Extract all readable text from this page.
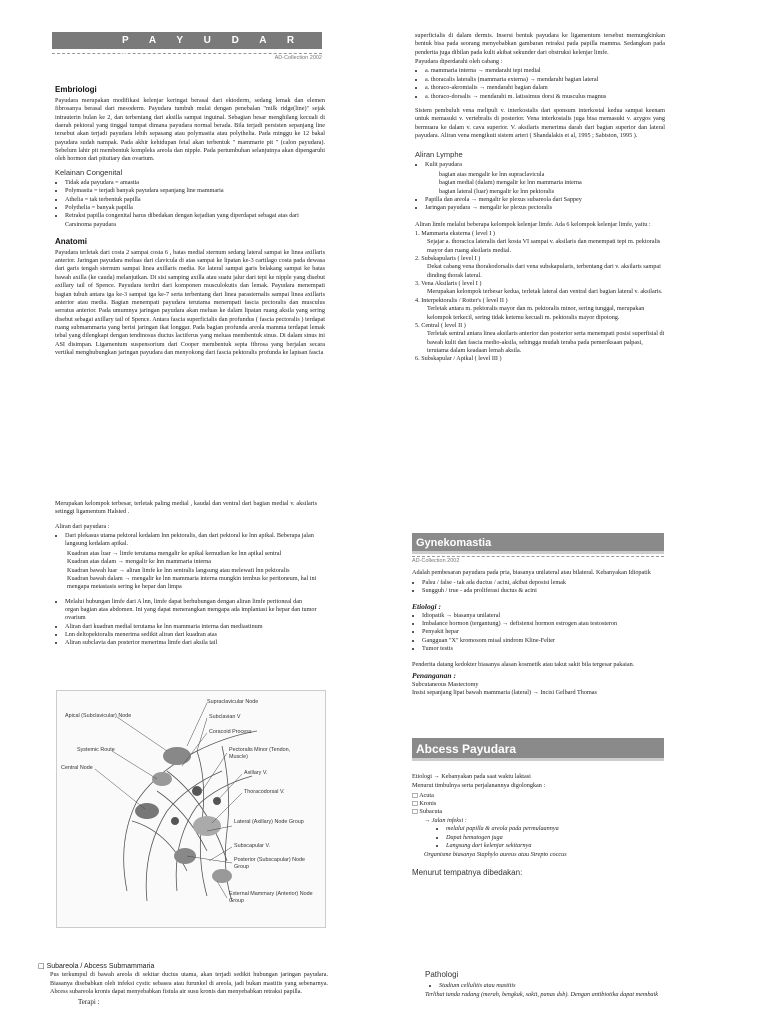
P A Y U D A R A	AD-Collection 2002
Embriologi

Payudara merupakan modifikasi kelenjar keringat berasal dari ektoderm, sedang lemak dan elemen fibrosanya berasal dari mesoderm. Payudara tumbuh mulai dengan penebalan "milk ridge(line)" sejak intrauterin bulan ke 2, dan terbentang dari aksilla sampai inguinal. Sebagian besar menghilang kecuali di daerah pektoral yang tinggal tumpat dimana payudara normal berada. Bila terjadi persisten sepanjang line tersebut akan terjadi payudara lebih sepasang atau polymastia atau polythelia. Pada minggu ke 12 bakal payudara sudah nampak. Pada akhir kehidupan fetal akan terbentuk " mammarie pit " (calon payudara). Sebelum lahir pit membentuk kompleks areola dan nipple. Pada pertumbuhan selanjutnya akan dipengaruhi oleh hormon dari pituitary dan ovarium.

Kelainan Congenital
• Tidak ada payudara = amastia
• Polymastia = terjadi banyak payudara sepanjang line mammaria
• Athelia = tak terbentuk papilla
• Polythelia = banyak papilla
• Retraksi papilla congenital harus dibedakan dengan kejadian yang diperdapat sebagai atas dari Carsinoma payudara
Anatomi

Payudara terletak dari costa 2 sampai costa 6 , batas medial sternum sedang lateral sampai ke linea axillaris anterior. Jaringan payudara meluas dari clavicula di atas sampai ke lipatan ke-3 cartilago costa pada dewasa dari garis tengah sternum sampai linea axillaris media. Ke lateral sampai garis belakang sampai ke batas bawah axilla (ke cauda) melanjutkan. Di sisi samping axilla atau suatu jalur dari tepi ke nipple yang disebut axillary tail of Spence. Payudara terdiri dari komponen musculokutis dan lemak. Payudara menempati bagian tubuh antara iga ke-3 sampai iga ke-7 serta terbentang dari linea parasternalis sampai linea axillaris anterior atau media. Bagian menempati payudara terutama menempati fascia pectoralis dan musculus serratus anterior. Pada umumnya jaringan payudara akan meluas ke dalam lipatan ruang aksila yang sering disebut sebagai axillary tail of Spence. Antara fascia superficialis dan profundus ( fascia pectoralis ) terdapat ruang submammaria yang berisi jaringan ikat longgar. Pada bagian profunda areola mamma terdapat lemak tebal yang dilengkapi dengan tendinosus ductus lactiferus yang meluas membentuk sinus. Di dalam sinus ini ASI disimpan. Ligamentum suspensorium dari Cooper membentuk septa fibrosa yang berjalan secara vertikal menghubungkan jaringan payudara dan menyokong dari fascia pektoralis profunda ke lapisan fascia

superficialis di dalam dermis. Insersi bentuk payudara ke ligamentum tersebut memungkinkan bentuk bisa pada seorang menyebabkan gambaran retraksi pada papilla mamma. Sedangkan pada penderita juga dibilan pada kulit akibat sekunder dari obstruksi kelenjar limfe.

Payudara diperdarahi oleh cabang :

• a. mammaria interna → mendarahi tepi medial
• a. thoracalis lateralis (mammaria externa) → mendarahi bagian lateral
• a. thoraco-akromialis → mendarahi bagian dalam
• a. thoraco-dorsalis → mendarahi m. latissimus dorsi & musculus magnus

Sistem pembuluh vena melipuli v. interkostalis dari sponsum interkostal kedua sampai keenam untuk memasuki v. vertebralis di posterior. Vena interkostalis juga bisa memasuki v. azygos yang bermuara ke dalam v. cava superior. V. aksilaris menerima darah dari bagian superior dan lateral payudara. Aliran vena mengikuti sistem arteri ( Shandalakis et al, 1995 ; Sabiston, 1995 ).

Aliran Lymphe
• Kulit payudara
bagian atas mengalir ke lnn supraclavicula
bagian medial (dalam) mengalir ke lnn mammaria interna
bagian lateral (luar) mengalir ke lnn pektoralis
• Papilla dan areola → mengalir ke plexus subareola dari Sappey
• Jaringan payudara → mengalir ke plexus pectoralis

Aliran limfe melalui beberapa kelompok kelenjar limfe. Ada 6 kelompok kelenjar limfe, yaitu :

1. Mammaria eksterna ( level I )
Sejajar a. thoracica lateralis dari kosta VI sampai v. aksilaris dan menempati tepi m. pektoralis mayor dan ruang aksilaris medial.
2. Subskapularis ( level I )
Dekat cabang vena thorakodorsalis dari vena subskapularis, terbentang dari v. aksilaris sampai dinding thorak lateral.
3. Vena Aksilaris ( level I )
Merupakan kelompok terbesar kedua, terletak lateral dan ventral dari bagian lateral v. aksilaris.
4. Interpektoralis / Rotter's ( level II )
Terletak antara m. pektoralis mayor dan m. pektoralis minor, sering tunggal, merupakan kelompok terkecil, sering tidak ketemu kecuali m. pektoralis mayor dipotong.
5. Central ( level II )
Terletak sentral antara linea aksilaris anterior dan posterior serta menempati posisi superfisial di bawah kulit dan fascia medio-aksila, sehingga mudah teraba pada pemeriksaan palpasi, terutama dalam keadaan lemah aksila.
6. Subskapular / Apikal ( level III )

Merupakan kelompok terbesar, terletak paling medial , kaudal dan ventral dari bagian medial v. aksilaris setinggi ligamentum Halsted .

Aliran dari payudara :

• Dari plekasus utama pektoral kedalam lnn pektoralis, dan dari pektoral ke lnn apikal. Beberapa jalan langsung kedalam apikal.
Kuadran atas luar → limfe terutama mengalir ke apikal kemudian ke lnn apikal sentral
Kuadran atas dalam → mengalir ke lnn mammaria interna
Kuadran bawah luar → aliran limfe ke lnn sentralis langsung atau melewati lnn pektoralis
Kuadran bawah dalam → mengalir ke lnn mammaria interna mungkin tembus ke peritoneum, hal ini mengapa metastasis sering ke hepar dan limpa
• Melalui hubungan limfe dari A lnn, limfe dapat berhubungan dengan aliran limfe peritoneal dan organ bagian atas abdomen. Ini yang dapat menerangkan mengapa ada implantasi ke hepar dan tumor ovarium
• Aliran dari kuadran medial terutama ke lnn mammaria interna dan mediastinum
• Lnn deltopektoralis menerima sedikit aliran dari kuadran atas
• Aliran subclavia dan posterior menerima limfe dari aksila tail
Supraclavicular Node
Subclavian V
Apical (Subclavicular) Node
Coracoid Process
Systemic Route
Central Node
Pectoralis Minor (Tendon, Muscle)
Axillary V.
Thoracodorsal V.
Lateral (Axillary) Node Group
Subscapular V.
Posterior (Subscapular) Node Group
External Mammary (Anterior) Node Group
□ Subareola / Abcess Submammaria

Pus terkumpul di bawah areola di sekitar ductus utama, akan terjadi sedikit hubungan jaringan payudara. Biasanya disebabkan oleh infeksi cystic sebasea atau furunkel di areola, jadi bukan mastitis yang sebenarnya. Abcess subareola kronis dapat menyebabkan fistula air susu kronis dan menyebabkan retraksi papilla.

Terapi :
Gynekomastia
AD-Collection 2002

Adalah pembesaran payudara pada pria, biasanya unilateral atau bilateral. Kebanyakan Idiopatik

• Palsu / false - tak ada ductus / acini, akibat deposisi lemak
• Sungguh / true - ada proliferasi ductus & acini
Etiologi :
• Idiopatik → biasanya unilateral
• Imbalance hormon (tergantung) → defisiensi hormon estrogen atau testosteron
• Penyakit hepar
• Gangguan "X" kromosom misal sindrom Kline-Felter
• Tumor testis

Penderita datang kedokter biasanya alasan kosmetik atau takut sakit bila tergesar pakaian.

Penanganan :
Subcutaneous Mastectomy
Insisi sepanjang lipat bawah mammaria (lateral) → Incisi Gelbard Thomas
Abcess Payudara

Etiologi → Kebanyakan pada saat waktu laktasi

Menurut timbulnya serta perjalanannya digolongkan :

□ Acuta
□ Kronis
□ Subacuta
→ Jalan infeksi :
• melalui papilla & areola pada permulaannya
• Dapat hematogen juga
• Langsung dari kelenjar sekitarnya
Organisme biasanya Staphylo aureus atau Strepto coccus
Menurut tempatnya dibedakan:
Pathologi
• Stadium cellulitis atau mastitis
Terlihat tanda radang (merah, bengkak, sakit, panas dsb). Dengan antibiotika dapat membaik
